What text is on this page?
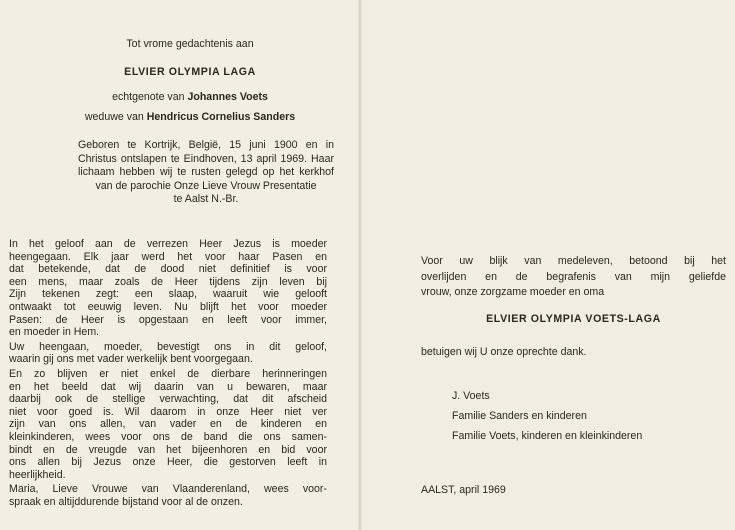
Tot vrome gedachtenis aan
ELVIER OLYMPIA LAGA
echtgenote van Johannes Voets
weduwe van Hendricus Cornelius Sanders
Geboren te Kortrijk, België, 15 juni 1900 en in
Christus ontslapen te Eindhoven, 13 april 1969. Haar
lichaam hebben wij te rusten gelegd op het kerkhof
van de parochie Onze Lieve Vrouw Presentatie
te Aalst N.-Br.
In het geloof aan de verrezen Heer Jezus is moeder
heengegaan. Elk jaar werd het voor haar Pasen en
dat betekende, dat de dood niet definitief is voor
een mens, maar zoals de Heer tijdens zijn leven bij
Zijn tekenen zegt: een slaap, waaruit wie gelooft
ontwaakt tot eeuwig leven. Nu blijft het voor moeder
Pasen: de Heer is opgestaan en leeft voor immer,
en moeder in Hem.
Uw heengaan, moeder, bevestigt ons in dit geloof,
waarin gij ons met vader werkelijk bent voorgegaan.
En zo blijven er niet enkel de dierbare herinneringen
en het beeld dat wij daarin van u bewaren, maar
daarbij ook de stellige verwachting, dat dit afscheid
niet voor goed is. Wil daarom in onze Heer niet ver
zijn van ons allen, van vader en de kinderen en
kleinkinderen, wees voor ons de band die ons samen-
bindt en de vreugde van het bijeenhoren en bid voor
ons allen bij Jezus onze Heer, die gestorven leeft in
heerlijkheid.
Maria, Lieve Vrouwe van Vlaanderenland, wees voor-
spraak en altijddurende bijstand voor al de onzen.
Voor uw blijk van medeleven, betoond bij het
overlijden en de begrafenis van mijn geliefde
vrouw, onze zorgzame moeder en oma
ELVIER OLYMPIA VOETS-LAGA
betuigen wij U onze oprechte dank.
J. Voets
Familie Sanders en kinderen
Familie Voets, kinderen en kleinkinderen
AALST, april 1969
